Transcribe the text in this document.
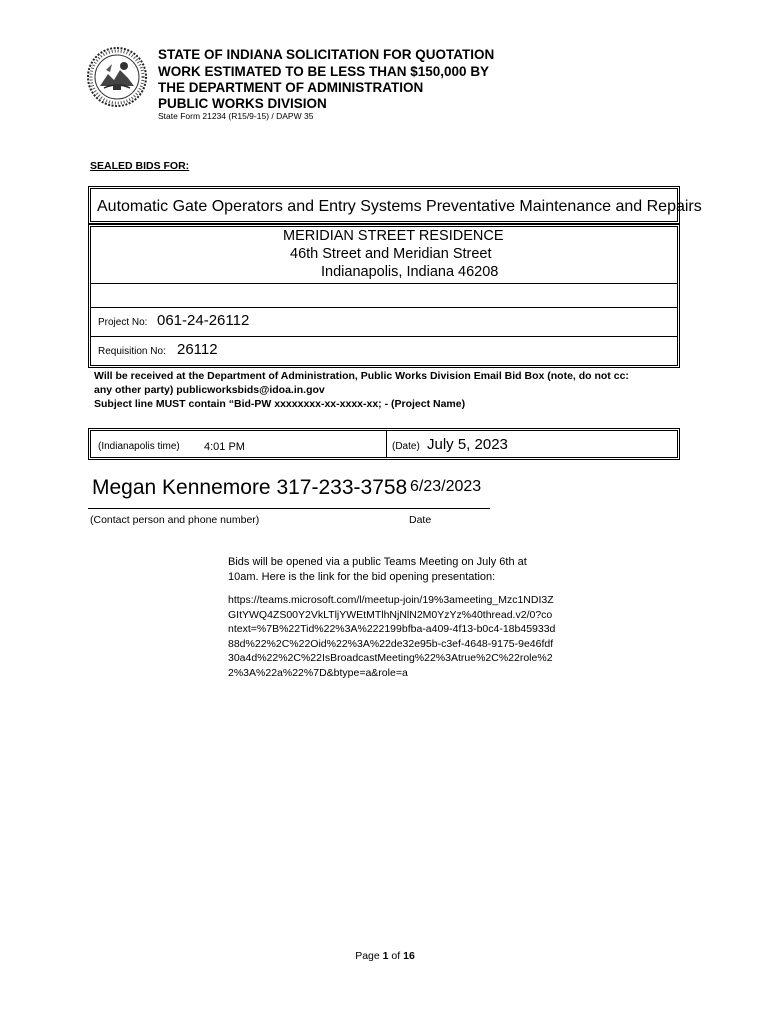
STATE OF INDIANA SOLICITATION FOR QUOTATION
WORK ESTIMATED TO BE LESS THAN $150,000 BY
THE DEPARTMENT OF ADMINISTRATION
PUBLIC WORKS DIVISION
State Form 21234 (R15/9-15) / DAPW 35
SEALED BIDS FOR:
Automatic Gate Operators and Entry Systems Preventative Maintenance and Repairs
MERIDIAN STREET RESIDENCE
46th Street and Meridian Street
Indianapolis, Indiana 46208
Project No: 061-24-26112
Requisition No: 26112
Will be received at the Department of Administration, Public Works Division Email Bid Box (note, do not cc:
any other party) publicworksbids@idoa.in.gov
Subject line MUST contain “Bid-PW xxxxxxxx-xx-xxxx-xx; - (Project Name)
(Indianapolis time) 4:01 PM	(Date) July 5, 2023
Megan Kennemore 317-233-3758 6/23/2023
(Contact person and phone number)	Date
Bids will be opened via a public Teams Meeting on July 6th at 10am. Here is the link for the bid opening presentation:
https://teams.microsoft.com/l/meetup-join/19%3ameeting_Mzc1NDI3ZGItYWQ4ZS00Y2VkLTljYWEtMTlhNjNlN2M0YzYz%40thread.v2/0?context=%7B%22Tid%22%3A%222199bfba-a409-4f13-b0c4-18b45933d88d%22%2C%22Oid%22%3A%22de32e95b-c3ef-4648-9175-9e46fdf30a4d%22%2C%22IsBroadcastMeeting%22%3Atrue%2C%22role%22%3A%22a%22%7D&btype=a&role=a
Page 1 of 16
